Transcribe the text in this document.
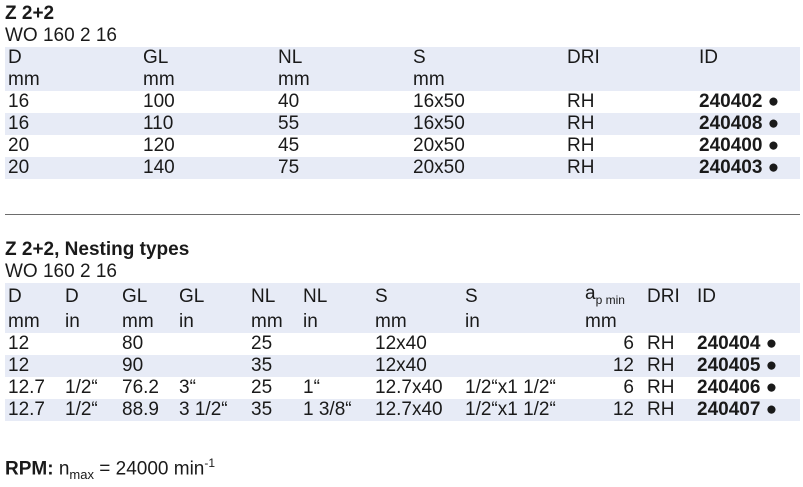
Z 2+2
WO 160 2 16
D	GL	NL	S	DRI	ID
mm	mm	mm	mm		
16	100	40	16x50	RH	240402 ●
16	110	55	16x50	RH	240408 ●
20	120	45	20x50	RH	240400 ●
20	140	75	20x50	RH	240403 ●
Z 2+2, Nesting types
WO 160 2 16
D	D	GL	GL	NL	NL	S	S	$a_{p min}$	DRI	ID
mm	in	mm	in	mm	in	mm	in	mm		
12		80		25		12x40		6	RH	240404 ●
12		90		35		12x40		12	RH	240405 ●
12.7	1/2“	76.2	3“	25	1“	12.7x40	1/2“x1 1/2“	6	RH	240406 ●
12.7	1/2“	88.9	3 1/2“	35	1 3/8“	12.7x40	1/2“x1 1/2“	12	RH	240407 ●
RPM: $n_{max} = 24000$ $\min^{-1}$
